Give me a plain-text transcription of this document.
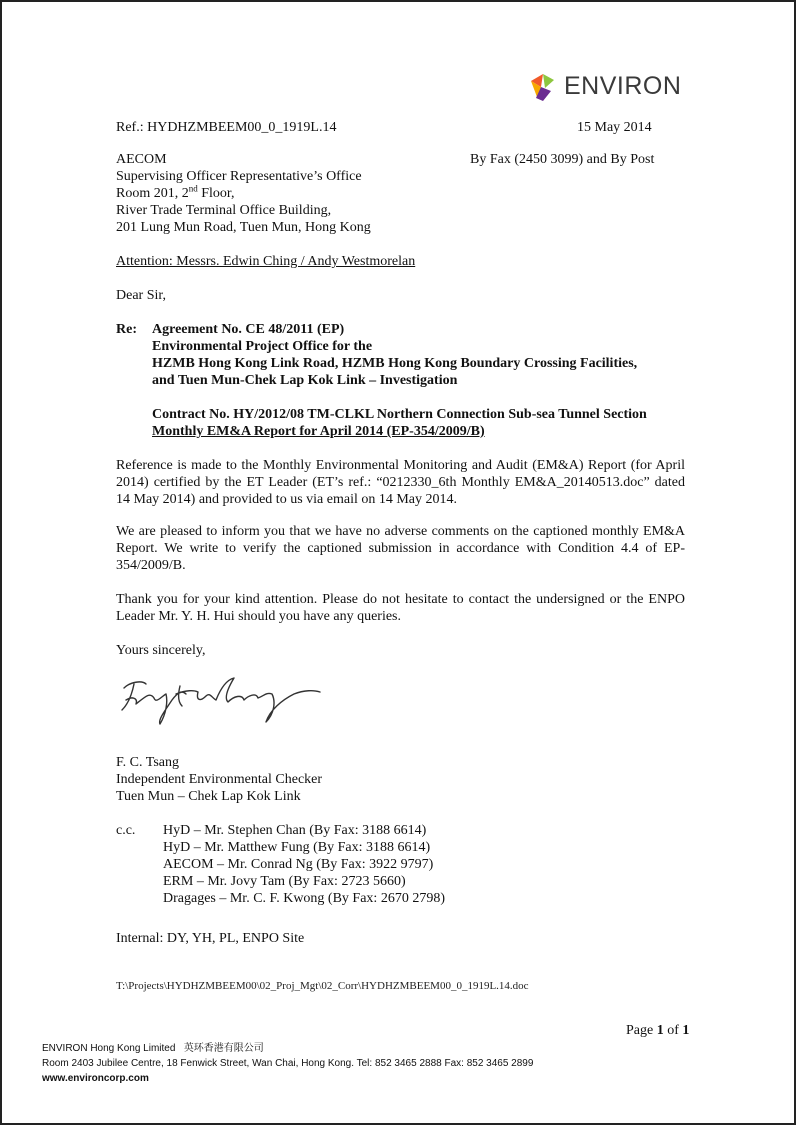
ENVIRON
Ref.: HYDHZMBEEM00_0_1919L.14	15 May 2014
AECOM
Supervising Officer Representative’s Office
Room 201, 2nd Floor,
River Trade Terminal Office Building,
201 Lung Mun Road, Tuen Mun, Hong Kong
By Fax (2450 3099) and By Post
Attention: Messrs. Edwin Ching / Andy Westmorelan
Dear Sir,
Re: Agreement No. CE 48/2011 (EP)
Environmental Project Office for the
HZMB Hong Kong Link Road, HZMB Hong Kong Boundary Crossing Facilities,
and Tuen Mun-Chek Lap Kok Link – Investigation
Contract No. HY/2012/08 TM-CLKL Northern Connection Sub-sea Tunnel Section
Monthly EM&A Report for April 2014 (EP-354/2009/B)
Reference is made to the Monthly Environmental Monitoring and Audit (EM&A) Report (for April 2014) certified by the ET Leader (ET’s ref.: “0212330_6th Monthly EM&A_20140513.doc” dated 14 May 2014) and provided to us via email on 14 May 2014.
We are pleased to inform you that we have no adverse comments on the captioned monthly EM&A Report. We write to verify the captioned submission in accordance with Condition 4.4 of EP-354/2009/B.
Thank you for your kind attention. Please do not hesitate to contact the undersigned or the ENPO Leader Mr. Y. H. Hui should you have any queries.
Yours sincerely,
F. C. Tsang
Independent Environmental Checker
Tuen Mun – Chek Lap Kok Link
c.c. HyD – Mr. Stephen Chan (By Fax: 3188 6614)
HyD – Mr. Matthew Fung (By Fax: 3188 6614)
AECOM – Mr. Conrad Ng (By Fax: 3922 9797)
ERM – Mr. Jovy Tam (By Fax: 2723 5660)
Dragages – Mr. C. F. Kwong (By Fax: 2670 2798)
Internal: DY, YH, PL, ENPO Site
T:\Projects\HYDHZMBEEM00\02_Proj_Mgt\02_Corr\HYDHZMBEEM00_0_1919L.14.doc
Page 1 of 1
ENVIRON Hong Kong Limited 英环香港有限公司
Room 2403 Jubilee Centre, 18 Fenwick Street, Wan Chai, Hong Kong. Tel: 852 3465 2888 Fax: 852 3465 2899
www.environcorp.com
